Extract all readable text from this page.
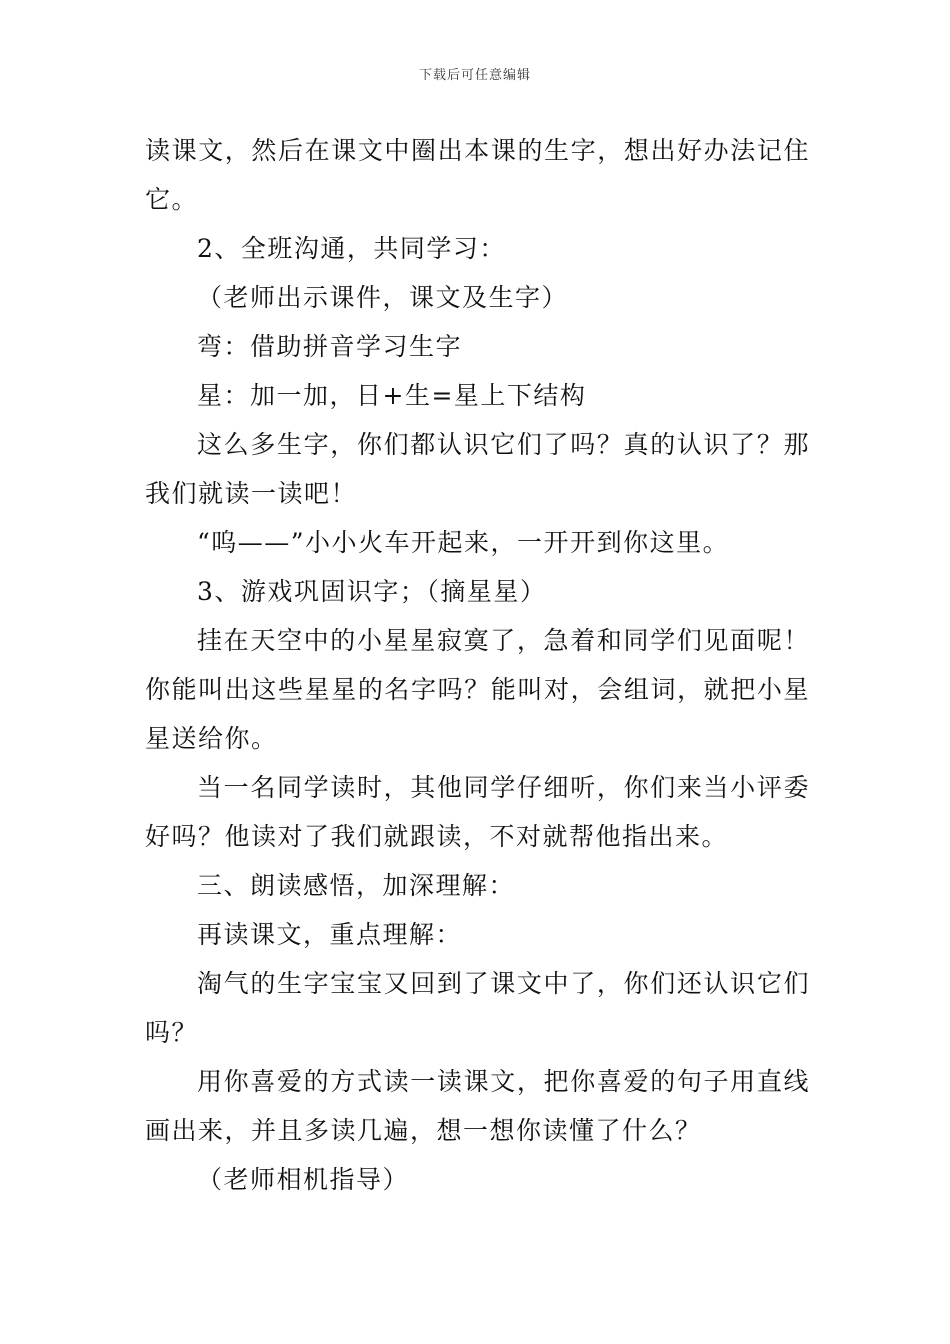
下载后可任意编辑

读课文，然后在课文中圈出本课的生字，想出好办法记住它。

2、全班沟通，共同学习：

（老师出示课件，课文及生字）

弯：借助拼音学习生字

星：加一加，日+生=星上下结构

这么多生字，你们都认识它们了吗？真的认识了？那我们就读一读吧！

“呜——”小小火车开起来，一开开到你这里。

3、游戏巩固识字；（摘星星）

挂在天空中的小星星寂寞了，急着和同学们见面呢！你能叫出这些星星的名字吗？能叫对，会组词，就把小星星送给你。

当一名同学读时，其他同学仔细听，你们来当小评委好吗？他读对了我们就跟读，不对就帮他指出来。

三、朗读感悟，加深理解：

再读课文，重点理解：

淘气的生字宝宝又回到了课文中了，你们还认识它们吗？

用你喜爱的方式读一读课文，把你喜爱的句子用直线画出来，并且多读几遍，想一想你读懂了什么？

（老师相机指导）
